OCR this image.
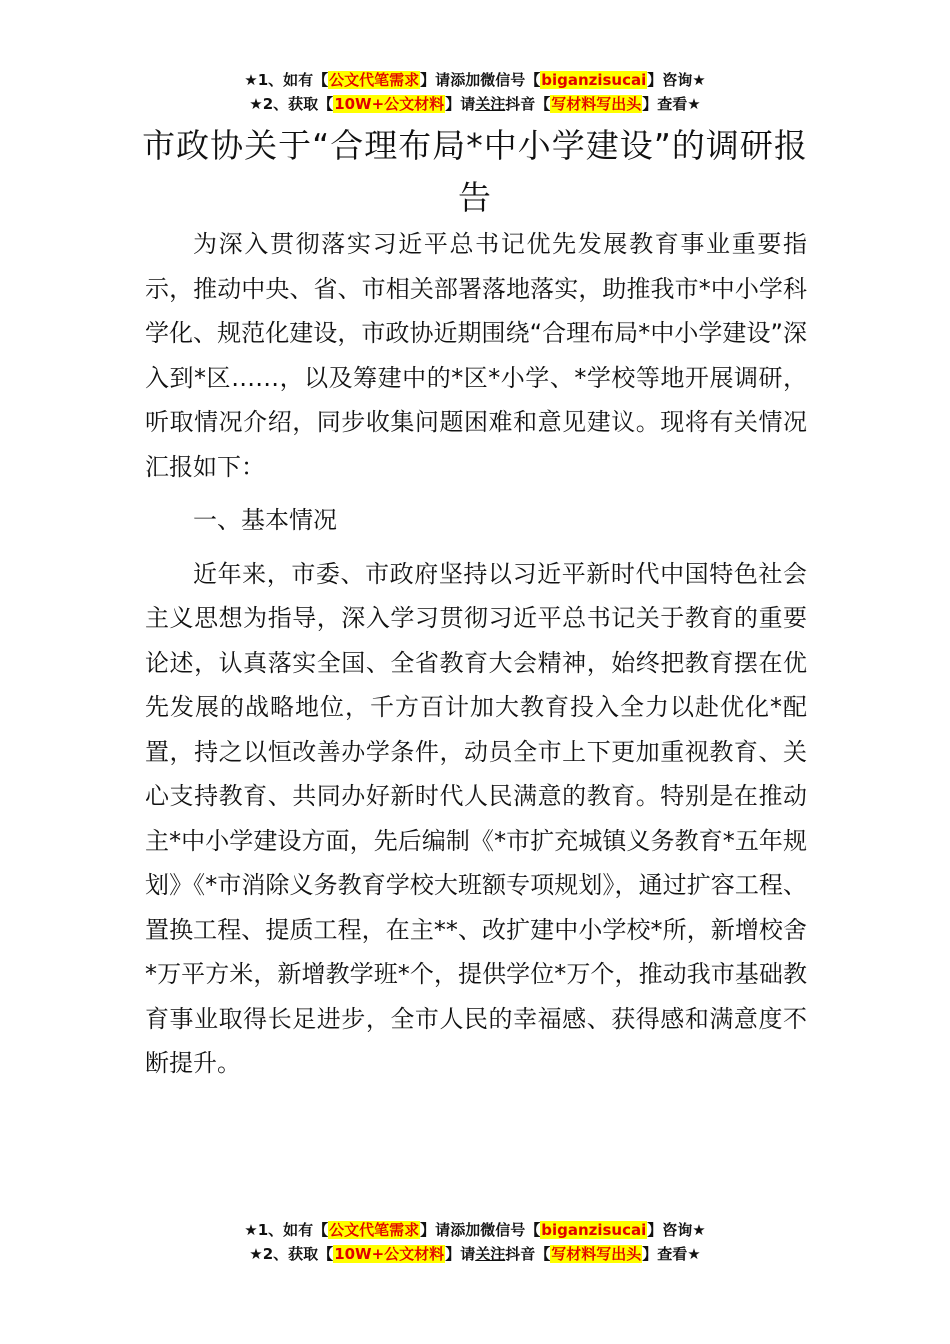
★1、如有【公文代笔需求】请添加微信号【biganzisucai】咨询★
★2、获取【10W+公文材料】请关注抖音【写材料写出头】查看★
市政协关于“合理布局*中小学建设”的调研报告

为深入贯彻落实习近平总书记优先发展教育事业重要指示，推动中央、省、市相关部署落地落实，助推我市*中小学科学化、规范化建设，市政协近期围绕“合理布局*中小学建设”深入到*区……，以及筹建中的*区*小学、*学校等地开展调研，听取情况介绍，同步收集问题困难和意见建议。现将有关情况汇报如下：

一、基本情况

近年来，市委、市政府坚持以习近平新时代中国特色社会主义思想为指导，深入学习贯彻习近平总书记关于教育的重要论述，认真落实全国、全省教育大会精神，始终把教育摆在优先发展的战略地位，千方百计加大教育投入全力以赴优化*配置，持之以恒改善办学条件，动员全市上下更加重视教育、关心支持教育、共同办好新时代人民满意的教育。特别是在推动主*中小学建设方面，先后编制《*市扩充城镇义务教育*五年规划》《*市消除义务教育学校大班额专项规划》，通过扩容工程、置换工程、提质工程，在主**、改扩建中小学校*所，新增校舍*万平方米，新增教学班*个，提供学位*万个，推动我市基础教育事业取得长足进步，全市人民的幸福感、获得感和满意度不断提升。

★1、如有【公文代笔需求】请添加微信号【biganzisucai】咨询★
★2、获取【10W+公文材料】请关注抖音【写材料写出头】查看★
